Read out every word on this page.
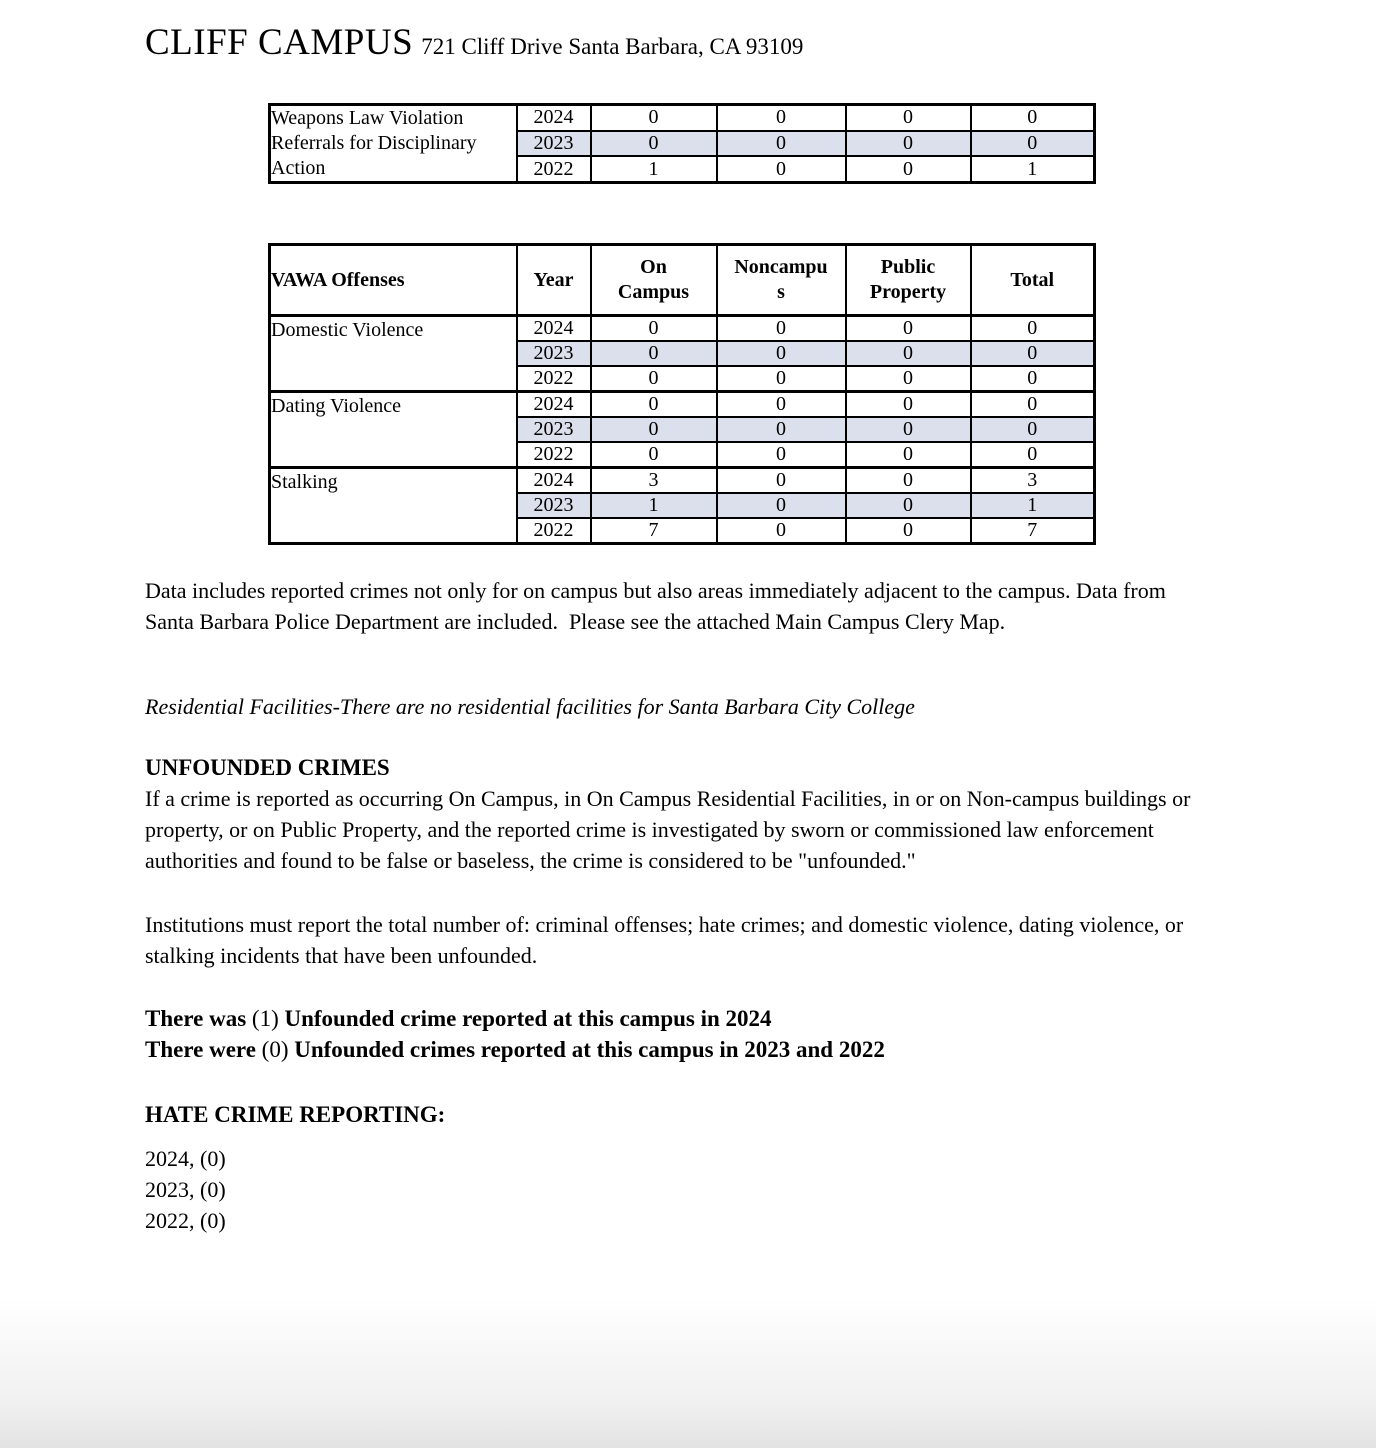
CLIFF CAMPUS 721 Cliff Drive Santa Barbara, CA 93109
Weapons Law Violation Referrals for Disciplinary Action	2024	0	0	0	0
	2023	0	0	0	0
	2022	1	0	0	1
VAWA Offenses	Year	On Campus	Noncampus	Public Property	Total
Domestic Violence	2024	0	0	0	0
	2023	0	0	0	0
	2022	0	0	0	0
Dating Violence	2024	0	0	0	0
	2023	0	0	0	0
	2022	0	0	0	0
Stalking	2024	3	0	0	3
	2023	1	0	0	1
	2022	7	0	0	7

Data includes reported crimes not only for on campus but also areas immediately adjacent to the campus. Data from Santa Barbara Police Department are included.  Please see the attached Main Campus Clery Map.

Residential Facilities-There are no residential facilities for Santa Barbara City College

UNFOUNDED CRIMES

If a crime is reported as occurring On Campus, in On Campus Residential Facilities, in or on Non-campus buildings or property, or on Public Property, and the reported crime is investigated by sworn or commissioned law enforcement authorities and found to be false or baseless, the crime is considered to be "unfounded."

Institutions must report the total number of: criminal offenses; hate crimes; and domestic violence, dating violence, or stalking incidents that have been unfounded.

There was (1) Unfounded crime reported at this campus in 2024
There were (0) Unfounded crimes reported at this campus in 2023 and 2022
HATE CRIME REPORTING:
2024, (0)
2023, (0)
2022, (0)
